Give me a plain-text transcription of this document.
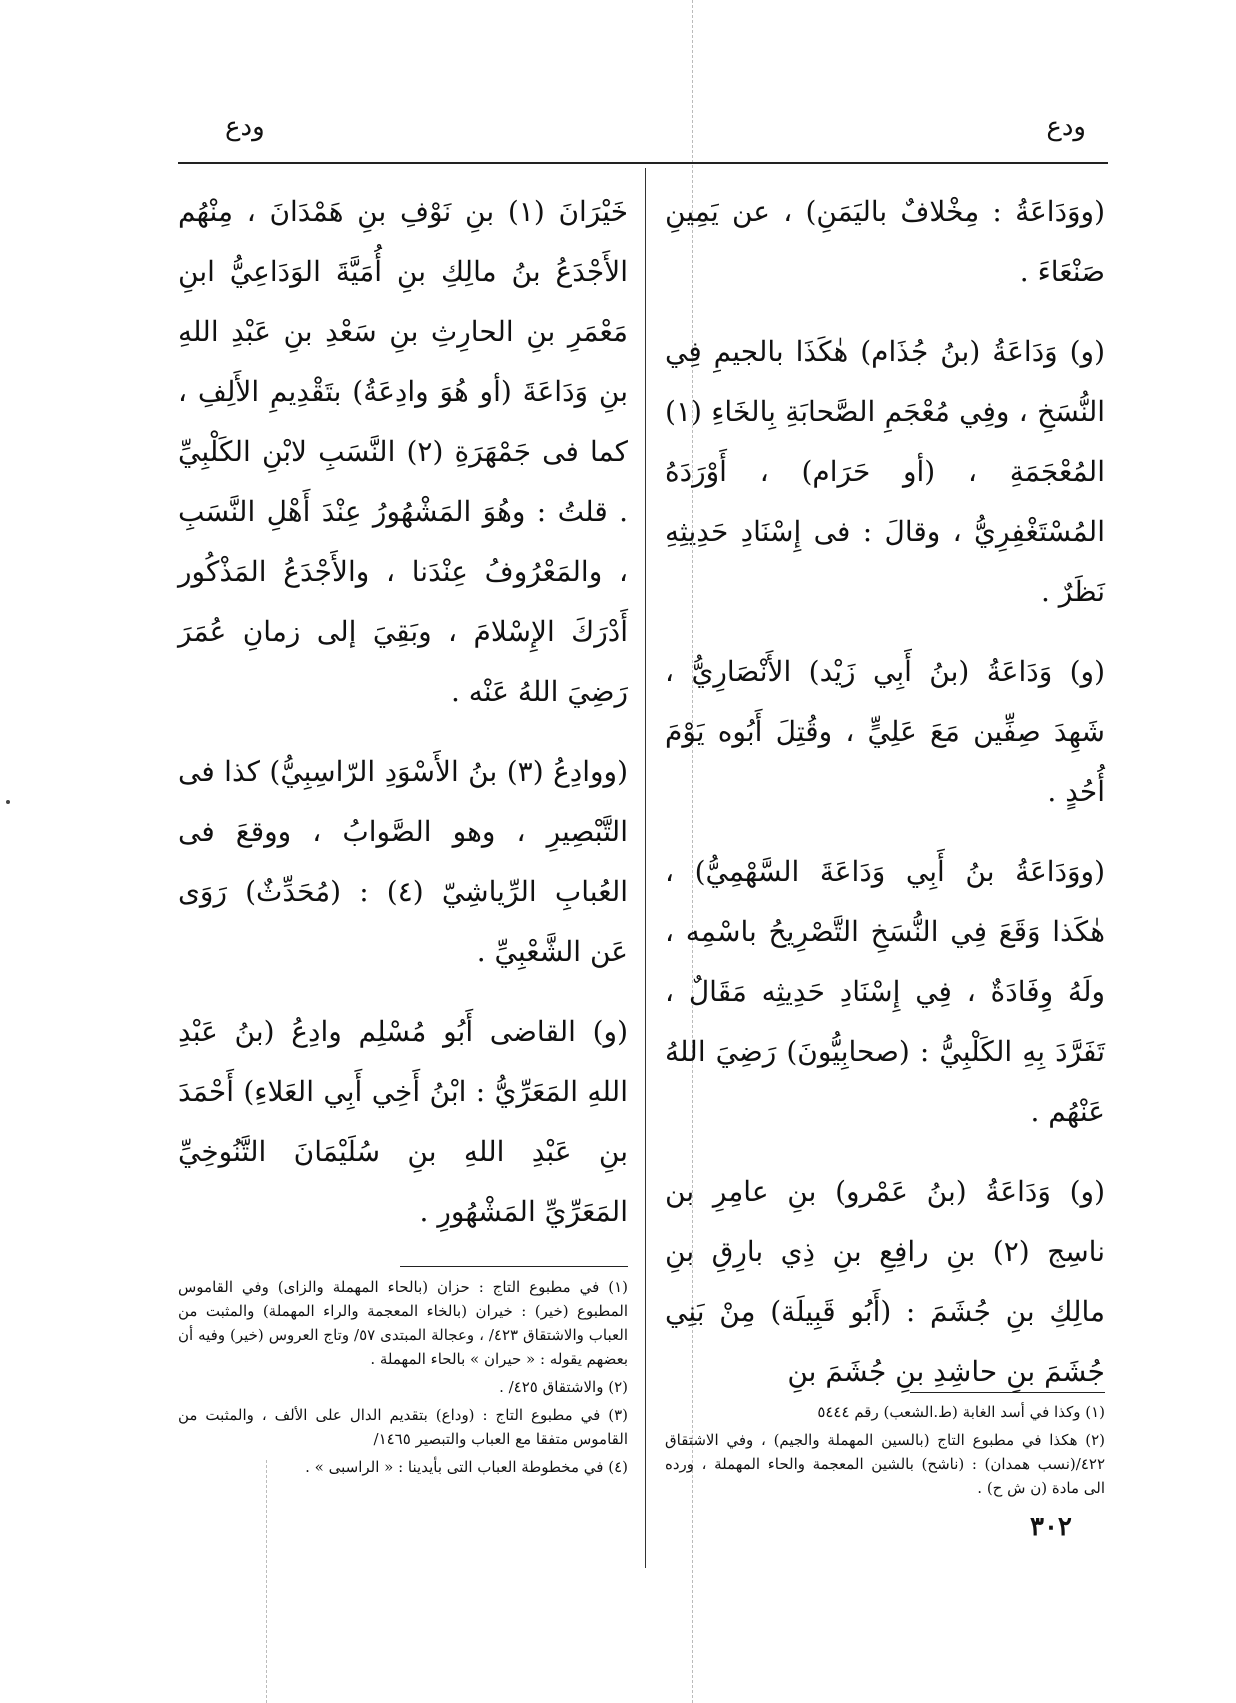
ودع
ودع

(ووَدَاعَةُ : مِخْلافٌ باليَمَنِ) ، عن يَمِينِ صَنْعَاءَ .

(و) وَدَاعَةُ (بنُ جُذَام) هٰكَذَا بالجيمِ فِي النُّسَخِ ، وفِي مُعْجَمِ الصَّحابَةِ بِالخَاءِ (١) المُعْجَمَةِ ، (أو حَرَام) ، أَوْرَدَهُ المُسْتَغْفِرِيُّ ، وقالَ : فى إِسْنَادِ حَدِيثِهِ نَظَرٌ .

(و) وَدَاعَةُ (بنُ أَبِي زَيْد) الأَنْصَارِيُّ ، شَهِدَ صِفِّين مَعَ عَلِيٍّ ، وقُتِلَ أَبُوه يَوْمَ أُحُدٍ .

(ووَدَاعَةُ بنُ أَبِي وَدَاعَةَ السَّهْمِيُّ) ، هٰكَذا وَقَعَ فِي النُّسَخِ التَّصْرِيحُ باسْمِه ، ولَهُ وِفَادَةٌ ، فِي إِسْنَادِ حَدِيثِه مَقَالٌ ، تَفَرَّدَ بِهِ الكَلْبِيُّ : (صحابِيُّونَ) رَضِيَ اللهُ عَنْهُم .

(و) وَدَاعَةُ (بنُ عَمْرو) بنِ عامِرِ بن ناسِج (٢) بنِ رافِعِ بنِ ذِي بارِقِ بنِ مالِكِ بنِ جُشَمَ : (أَبُو قَبِيلَة) مِنْ بَنِي جُشَمَ بنِ حاشِدِ بنِ جُشَمَ بنِ

خَيْرَانَ (١) بنِ نَوْفِ بنِ هَمْدَانَ ، مِنْهُم الأَجْدَعُ بنُ مالِكِ بنِ أُمَيَّةَ الوَدَاعِيُّ ابنِ مَعْمَرِ بنِ الحارِثِ بنِ سَعْدِ بنِ عَبْدِ اللهِ بنِ وَدَاعَةَ (أو هُوَ وادِعَةُ) بتَقْدِيمِ الأَلِفِ ، كما فى جَمْهَرَةِ (٢) النَّسَبِ لابْنِ الكَلْبِيِّ . قلتُ : وهُوَ المَشْهُورُ عِنْدَ أَهْلِ النَّسَبِ ، والمَعْرُوفُ عِنْدَنا ، والأَجْدَعُ المَذْكُور أَدْرَكَ الإِسْلامَ ، وبَقِيَ إلى زمانِ عُمَرَ رَضِيَ اللهُ عَنْه .

(ووادِعُ (٣) بنُ الأَسْوَدِ الرّاسِبِيُّ) كذا فى التَّبْصِيرِ ، وهو الصَّوابُ ، ووقعَ فى العُبابِ الرِّياشِيّ (٤) : (مُحَدِّثٌ) رَوَى عَن الشَّعْبِيِّ .

(و) القاضى أَبُو مُسْلِم وادِعُ (بنُ عَبْدِ اللهِ المَعَرِّيُّ : ابْنُ أَخِي أَبِي العَلاءِ) أَحْمَدَ بنِ عَبْدِ اللهِ بنِ سُلَيْمَانَ التَّنُوخِيِّ المَعَرِّيِّ المَشْهُورِ .

(١) في مطبوع التاج : حزان (بالحاء المهملة والزاى) وفي القاموس المطبوع (خير) : خيران (بالخاء المعجمة والراء المهملة) والمثبت من العباب والاشتقاق ٤٢٣/ ، وعجالة المبتدى ٥٧/ وتاج العروس (خير) وفيه أن بعضهم يقوله : « حيران » بالحاء المهملة .

(٢) والاشتقاق ٤٢٥/ .

(٣) في مطبوع التاج : (وداع) بتقديم الدال على الألف ، والمثبت من القاموس متفقا مع العباب والتبصير ١٤٦٥/

(٤) في مخطوطة العباب التى بأيدينا : « الراسبى » .

(١) وكذا في أسد الغابة (ط.الشعب) رقم ٥٤٤٤

(٢) هكذا في مطبوع التاج (بالسين المهملة والجيم) ، وفي الاشتقاق ٤٢٢/(نسب همدان) : (ناشح) بالشين المعجمة والحاء المهملة ، ورده الى مادة (ن ش ح) .

٣٠٢
